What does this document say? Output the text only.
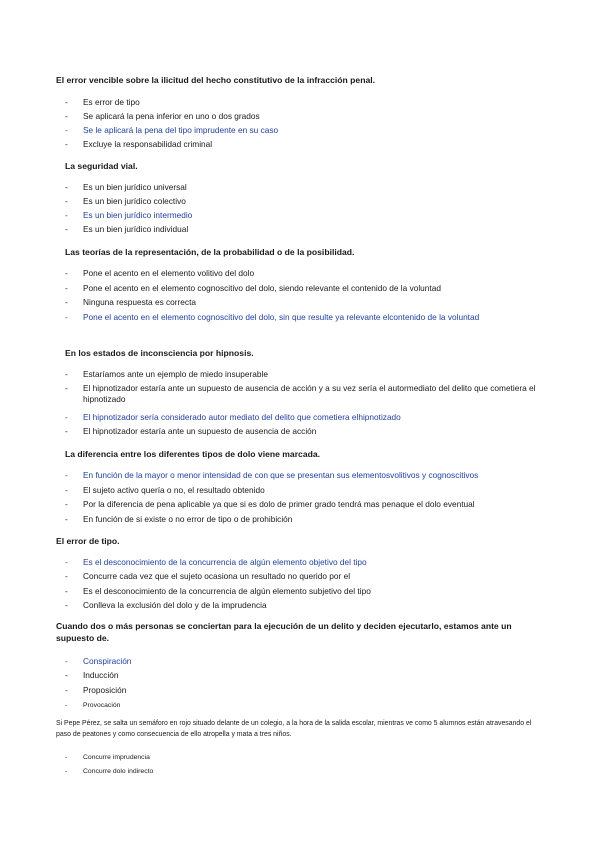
El error vencible sobre la ilicitud del hecho constitutivo de la infracción penal.
- Es error de tipo
- Se aplicará la pena inferior en uno o dos grados
- Se le aplicará la pena del tipo imprudente en su caso
- Excluye la responsabilidad criminal
La seguridad vial.
- Es un bien jurídico universal
- Es un bien jurídico colectivo
- Es un bien jurídico intermedio
- Es un bien jurídico individual
Las teorías de la representación, de la probabilidad o de la posibilidad.
- Pone el acento en el elemento volitivo del dolo
- Pone el acento en el elemento cognoscitivo del dolo, siendo relevante el contenido de la voluntad
- Ninguna respuesta es correcta
- Pone el acento en el elemento cognoscitivo del dolo, sin que resulte ya relevante elcontenido de la voluntad
En los estados de inconsciencia por hipnosis.
- Estaríamos ante un ejemplo de miedo insuperable
- El hipnotizador estaría ante un supuesto de ausencia de acción y a su vez sería el autormediato del delito que cometiera el hipnotizado
- El hipnotizador sería considerado autor mediato del delito que cometiera elhipnotizado
- El hipnotizador estaría ante un supuesto de ausencia de acción
La diferencia entre los diferentes tipos de dolo viene marcada.
- En función de la mayor o menor intensidad de con que se presentan sus elementosvolitivos y cognoscitivos
- El sujeto activo quería o no, el resultado obtenido
- Por la diferencia de pena aplicable ya que si es dolo de primer grado tendrá mas penaque el dolo eventual
- En función de si existe o no error de tipo o de prohibición
El error de tipo.
- Es el desconocimiento de la concurrencia de algún elemento objetivo del tipo
- Concurre cada vez que el sujeto ocasiona un resultado no querido por el
- Es el desconocimiento de la concurrencia de algún elemento subjetivo del tipo
- Conlleva la exclusión del dolo y de la imprudencia
Cuando dos o más personas se conciertan para la ejecución de un delito y deciden ejecutarlo, estamos ante un supuesto de.
- Conspiración
- Inducción
- Proposición
- Provocación
Si Pepe Pérez, se salta un semáforo en rojo situado delante de un colegio, a la hora de la salida escolar, mientras ve como 5 alumnos están atravesando el paso de peatones y como consecuencia de ello atropella y mata a tres niños.
- Concurre imprudencia
- Concurre dolo indirecto
